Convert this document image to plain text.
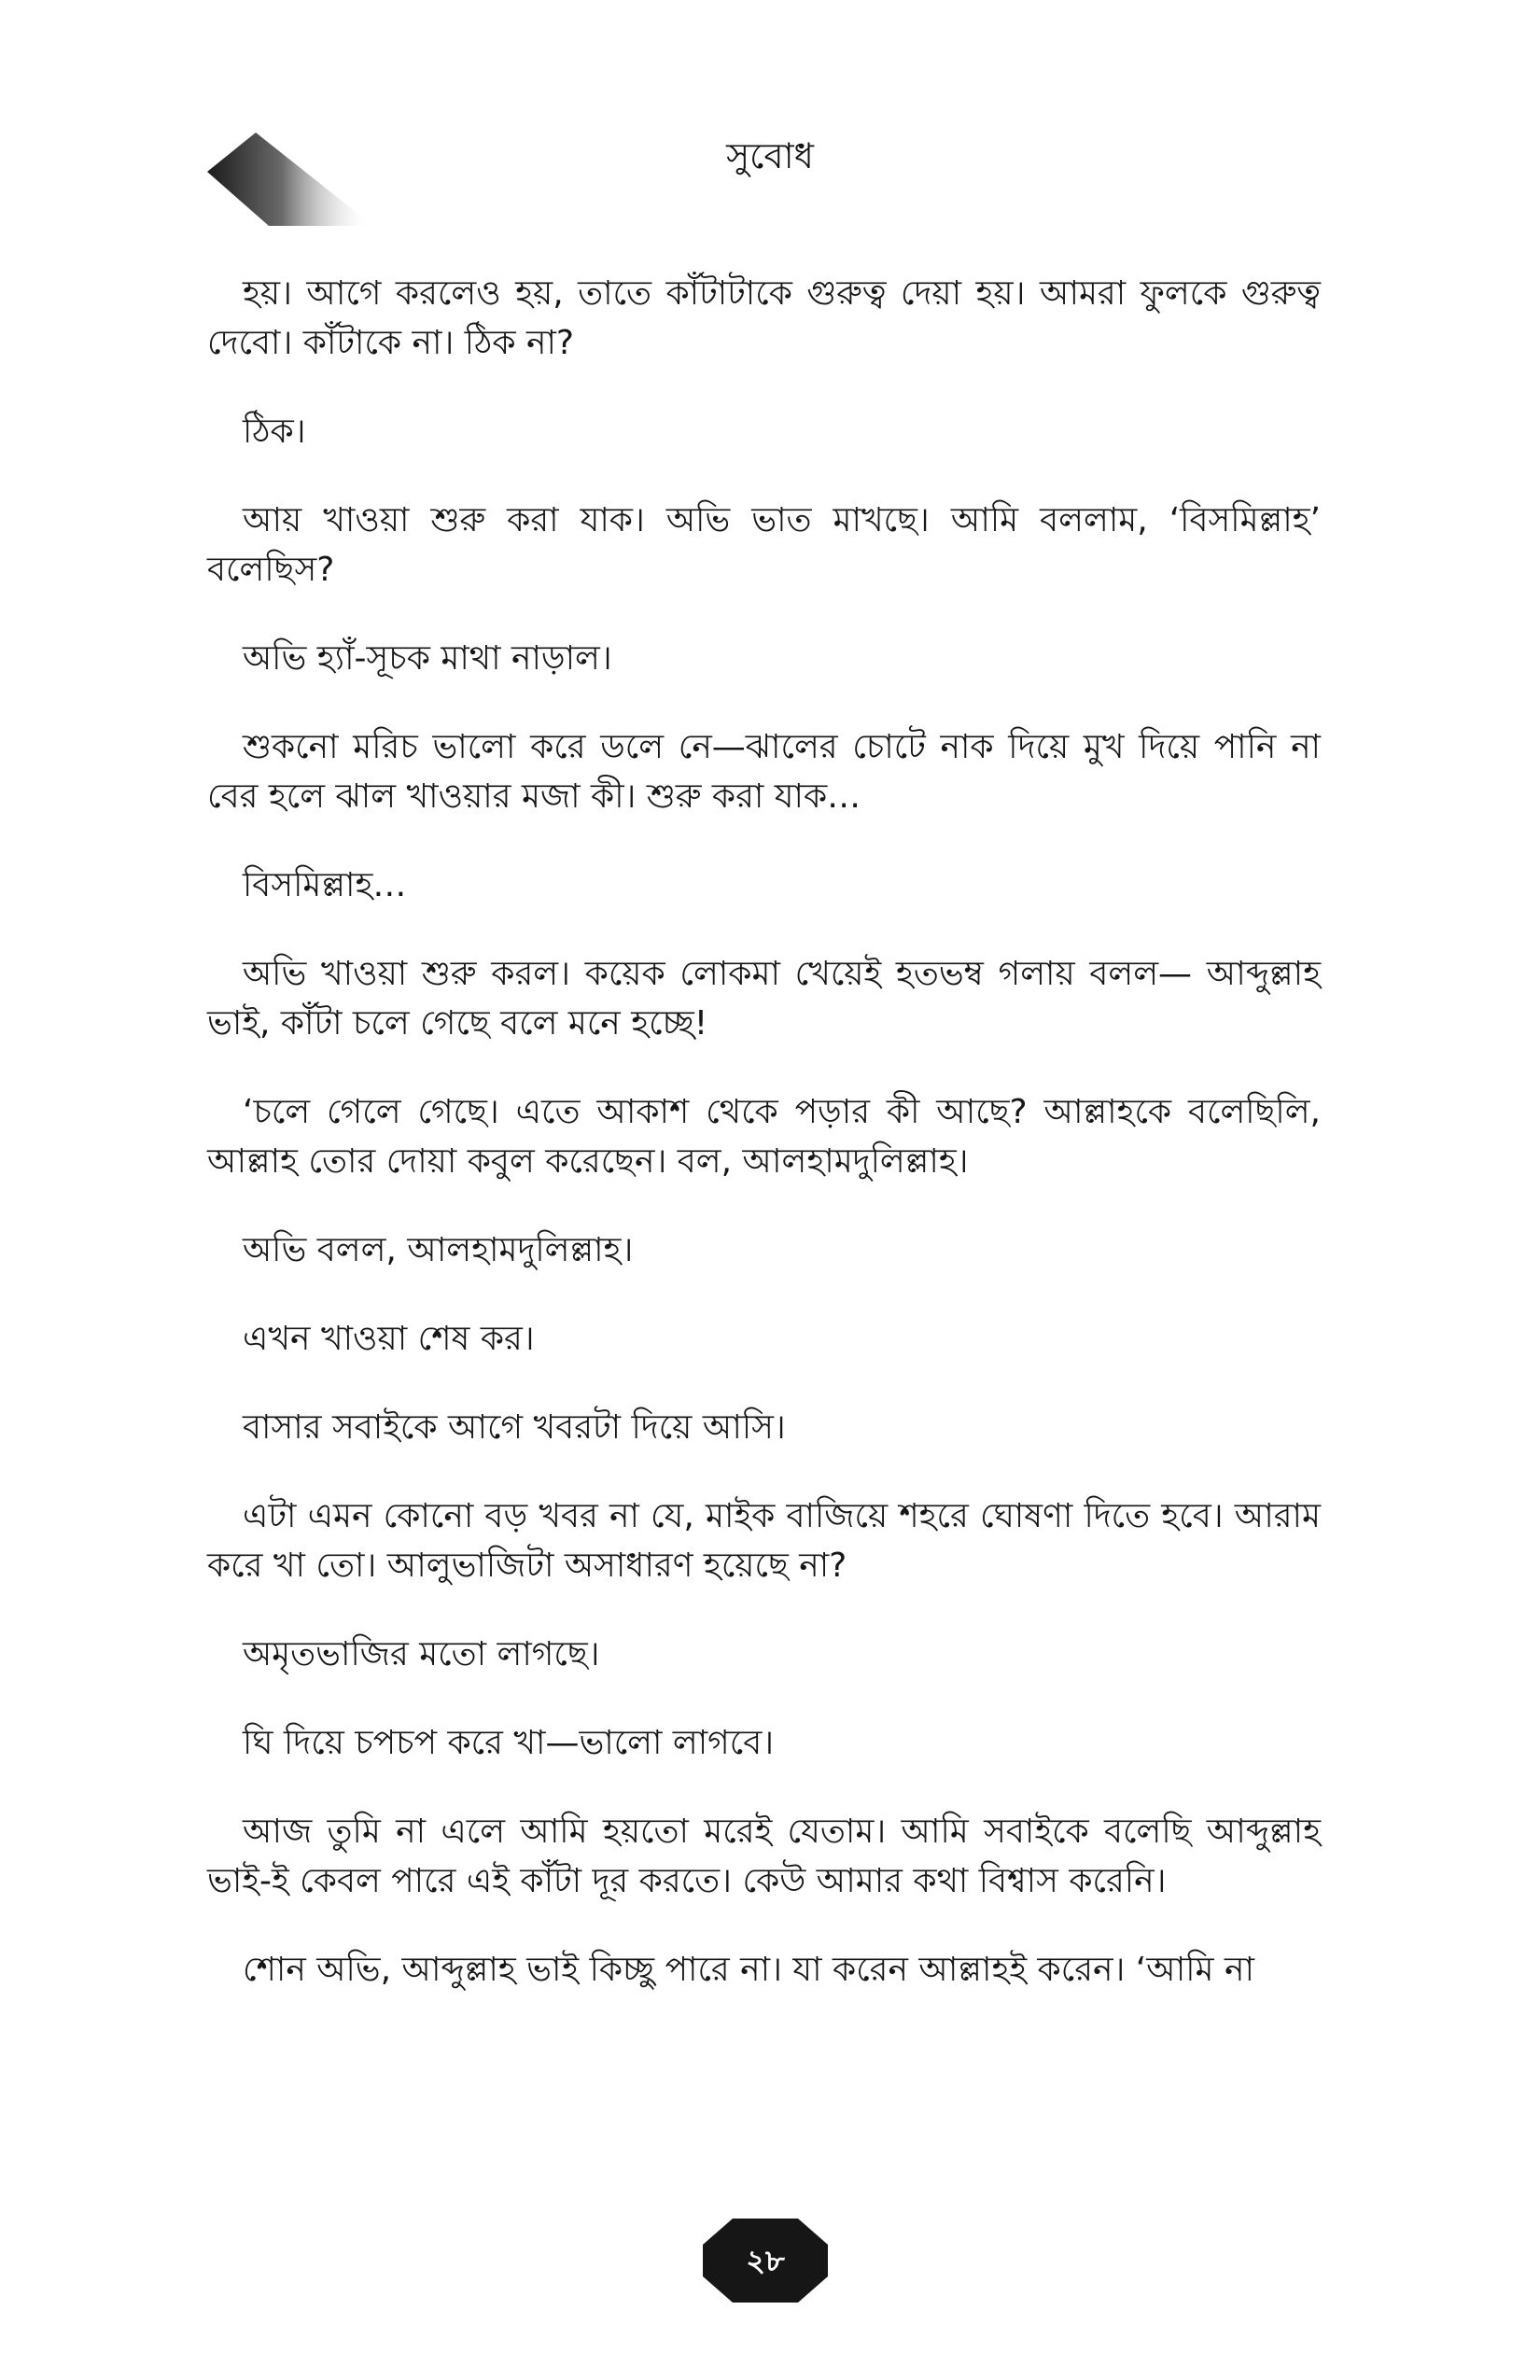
সুবোধ

হয়। আগে করলেও হয়, তাতে কাঁটাটাকে গুরুত্ব দেয়া হয়। আমরা ফুলকে গুরুত্ব দেবো। কাঁটাকে না। ঠিক না?

ঠিক।

আয় খাওয়া শুরু করা যাক। অভি ভাত মাখছে। আমি বললাম, ‘বিসমিল্লাহ’ বলেছিস?

অভি হ্যাঁ-সূচক মাথা নাড়াল।

শুকনো মরিচ ভালো করে ডলে নে—ঝালের চোটে নাক দিয়ে মুখ দিয়ে পানি না বের হলে ঝাল খাওয়ার মজা কী। শুরু করা যাক…

বিসমিল্লাহ…

অভি খাওয়া শুরু করল। কয়েক লোকমা খেয়েই হতভম্ব গলায় বলল— আব্দুল্লাহ ভাই, কাঁটা চলে গেছে বলে মনে হচ্ছে!

‘চলে গেলে গেছে। এতে আকাশ থেকে পড়ার কী আছে? আল্লাহকে বলেছিলি, আল্লাহ তোর দোয়া কবুল করেছেন। বল, আলহামদুলিল্লাহ।

অভি বলল, আলহামদুলিল্লাহ।

এখন খাওয়া শেষ কর।

বাসার সবাইকে আগে খবরটা দিয়ে আসি।

এটা এমন কোনো বড় খবর না যে, মাইক বাজিয়ে শহরে ঘোষণা দিতে হবে। আরাম করে খা তো। আলুভাজিটা অসাধারণ হয়েছে না?

অমৃতভাজির মতো লাগছে।

ঘি দিয়ে চপচপ করে খা—ভালো লাগবে।

আজ তুমি না এলে আমি হয়তো মরেই যেতাম। আমি সবাইকে বলেছি আব্দুল্লাহ ভাই-ই কেবল পারে এই কাঁটা দূর করতে। কেউ আমার কথা বিশ্বাস করেনি।

শোন অভি, আব্দুল্লাহ ভাই কিচ্ছু পারে না। যা করেন আল্লাহই করেন। ‘আমি না

২৮
